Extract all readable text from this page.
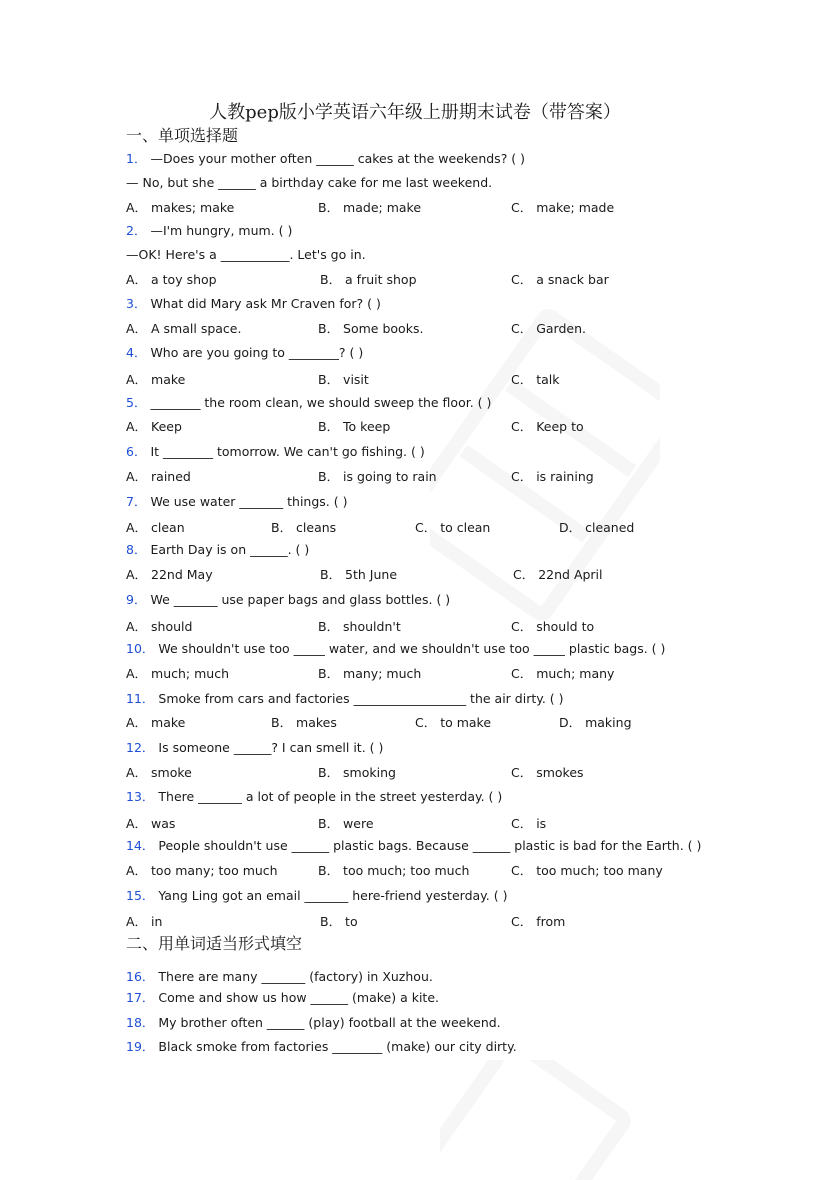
人教pep版小学英语六年级上册期末试卷（带答案）
一、单项选择题
1． —Does your mother often ______ cakes at the weekends? ( )
— No, but she ______ a birthday cake for me last weekend.
A． makes; make	B． made; make	C． make; made
2． —I'm hungry, mum. ( )
—OK! Here's a ___________. Let's go in.
A． a toy shop	B． a fruit shop	C． a snack bar
3． What did Mary ask Mr Craven for? ( )
A． A small space.	B． Some books.	C． Garden.
4． Who are you going to ________? ( )
A． make	B． visit	C． talk
5． ________ the room clean, we should sweep the floor. ( )
A． Keep	B． To keep	C． Keep to
6． It ________ tomorrow. We can't go fishing. ( )
A． rained	B． is going to rain	C． is raining
7． We use water _______ things. ( )
A． clean	B． cleans	C． to clean	D． cleaned
8． Earth Day is on ______. ( )
A． 22nd May	B． 5th June	C． 22nd April
9． We _______ use paper bags and glass bottles. ( )
A． should	B． shouldn't	C． should to
10． We shouldn't use too _____ water, and we shouldn't use too _____ plastic bags. ( )
A． much; much	B． many; much	C． much; many
11． Smoke from cars and factories __________________ the air dirty. ( )
A． make	B． makes	C． to make	D． making
12． Is someone ______? I can smell it. ( )
A． smoke	B． smoking	C． smokes
13． There _______ a lot of people in the street yesterday. ( )
A． was	B． were	C． is
14． People shouldn't use ______ plastic bags. Because ______ plastic is bad for the Earth. ( )
A． too many; too much	B． too much; too much	C． too much; too many
15． Yang Ling got an email _______ here-friend yesterday. ( )
A． in	B． to	C． from
二、用单词适当形式填空
16． There are many _______ (factory) in Xuzhou.
17． Come and show us how ______ (make) a kite.
18． My brother often ______ (play) football at the weekend.
19． Black smoke from factories ________ (make) our city dirty.
